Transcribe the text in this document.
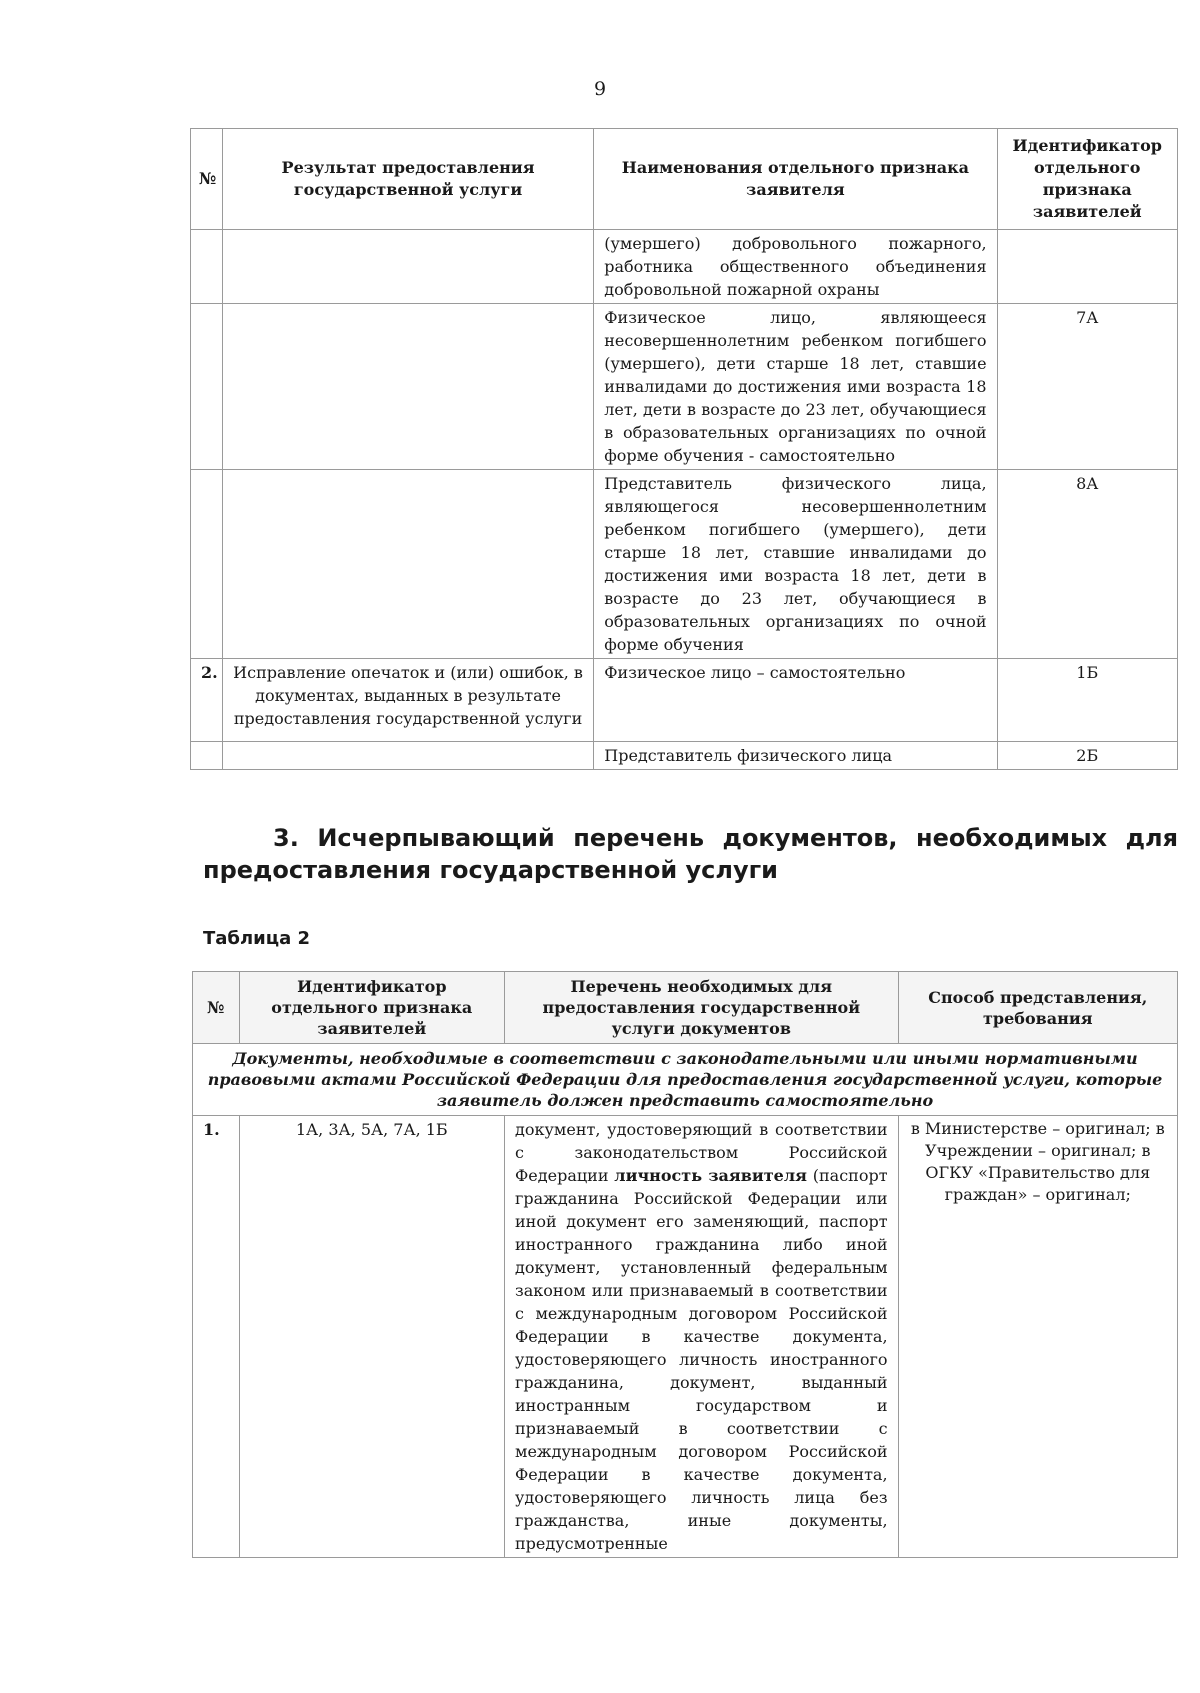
9
№	Результат предоставления государственной услуги	Наименования отдельного признака заявителя	Идентификатор отдельного признака заявителей
		(умершего) добровольного пожарного, работника общественного объединения добровольной пожарной охраны	
		Физическое лицо, являющееся несовершеннолетним ребенком погибшего (умершего), дети старше 18 лет, ставшие инвалидами до достижения ими возраста 18 лет, дети в возрасте до 23 лет, обучающиеся в образовательных организациях по очной форме обучения - самостоятельно	7А
		Представитель физического лица, являющегося несовершеннолетним ребенком погибшего (умершего), дети старше 18 лет, ставшие инвалидами до достижения ими возраста 18 лет, дети в возрасте до 23 лет, обучающиеся в образовательных организациях по очной форме обучения	8А
2.	Исправление опечаток и (или) ошибок, в документах, выданных в результате предоставления государственной услуги	Физическое лицо – самостоятельно	1Б
		Представитель физического лица	2Б
3. Исчерпывающий перечень документов, необходимых для
предоставления государственной услуги
Таблица 2
№	Идентификатор отдельного признака заявителей	Перечень необходимых для предоставления государственной услуги документов	Способ представления, требования
Документы, необходимые в соответствии с законодательными или иными нормативными правовыми актами Российской Федерации для предоставления государственной услуги, которые заявитель должен представить самостоятельно			
1.	1А, 3А, 5А, 7А, 1Б	документ, удостоверяющий в соответствии с законодательством Российской Федерации личность заявителя (паспорт гражданина Российской Федерации или иной документ его заменяющий, паспорт иностранного гражданина либо иной документ, установленный федеральным законом или признаваемый в соответствии с международным договором Российской Федерации в качестве документа, удостоверяющего личность иностранного гражданина, документ, выданный иностранным государством и признаваемый в соответствии с международным договором Российской Федерации в качестве документа, удостоверяющего личность лица без гражданства, иные документы, предусмотренные	в Министерстве – оригинал; в Учреждении – оригинал; в ОГКУ «Правительство для граждан» – оригинал;
